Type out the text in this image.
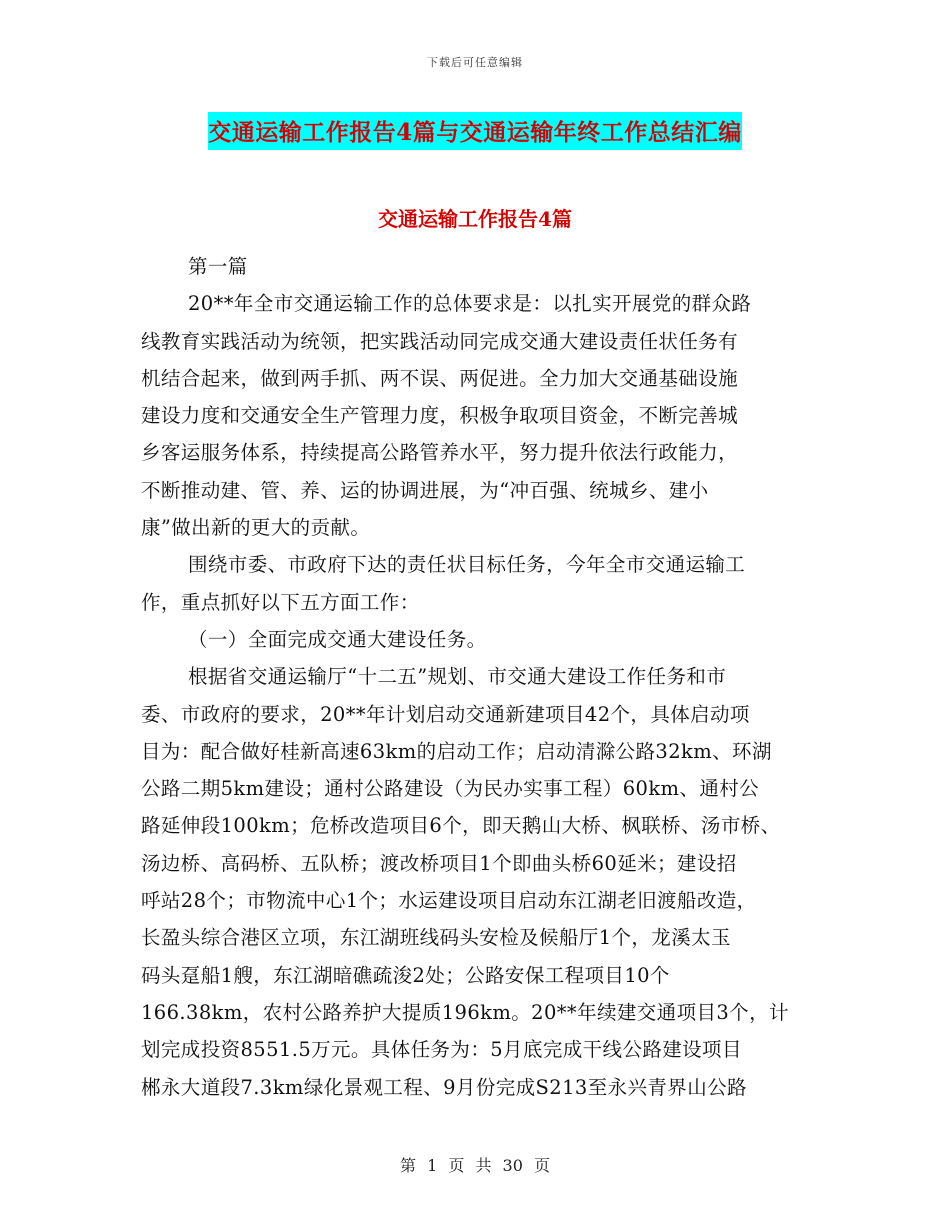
下载后可任意编辑
交通运输工作报告4篇与交通运输年终工作总结汇编
交通运输工作报告4篇
第一篇
20**年全市交通运输工作的总体要求是：以扎实开展党的群众路
线教育实践活动为统领，把实践活动同完成交通大建设责任状任务有
机结合起来，做到两手抓、两不误、两促进。全力加大交通基础设施
建设力度和交通安全生产管理力度，积极争取项目资金，不断完善城
乡客运服务体系，持续提高公路管养水平，努力提升依法行政能力，
不断推动建、管、养、运的协调进展，为“冲百强、统城乡、建小
康”做出新的更大的贡献。
围绕市委、市政府下达的责任状目标任务，今年全市交通运输工
作，重点抓好以下五方面工作：
（一）全面完成交通大建设任务。
根据省交通运输厅“十二五”规划、市交通大建设工作任务和市
委、市政府的要求，20**年计划启动交通新建项目42个，具体启动项
目为：配合做好桂新高速63km的启动工作；启动清滁公路32km、环湖
公路二期5km建设；通村公路建设（为民办实事工程）60km、通村公
路延伸段100km；危桥改造项目6个，即天鹅山大桥、枫联桥、汤市桥、
汤边桥、高码桥、五队桥；渡改桥项目1个即曲头桥60延米；建设招
呼站28个；市物流中心1个；水运建设项目启动东江湖老旧渡船改造，
长盈头综合港区立项，东江湖班线码头安检及候船厅1个，龙溪太玉
码头趸船1艘，东江湖暗礁疏浚2处；公路安保工程项目10个
166.38km，农村公路养护大提质196km。20**年续建交通项目3个，计
划完成投资8551.5万元。具体任务为：5月底完成干线公路建设项目
郴永大道段7.3km绿化景观工程、9月份完成S213至永兴青界山公路
第 1 页 共 30 页
